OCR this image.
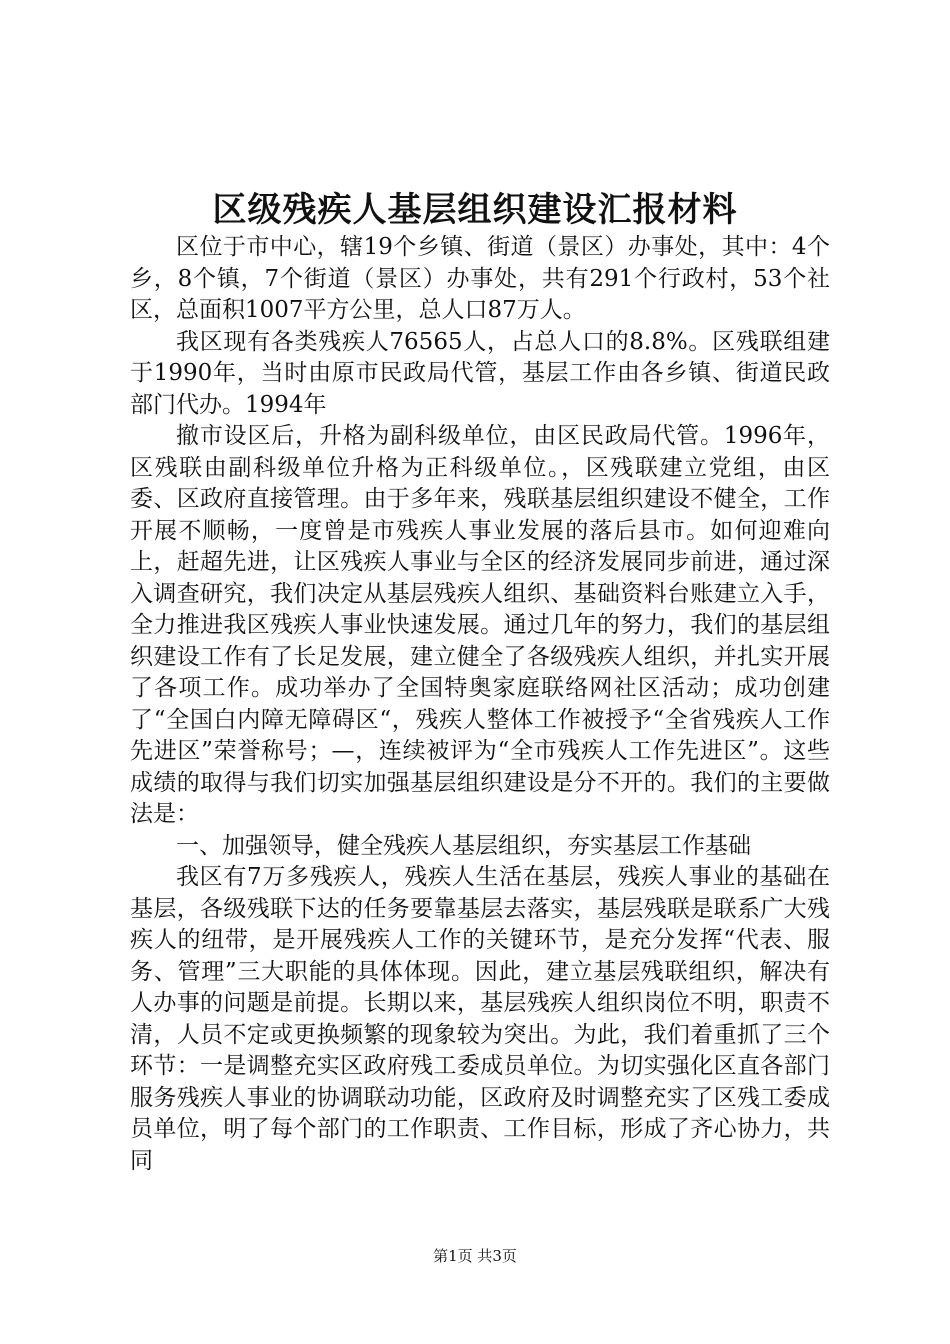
区级残疾人基层组织建设汇报材料

区位于市中心，辖19个乡镇、街道（景区）办事处，其中：4个乡，8个镇，7个街道（景区）办事处，共有291个行政村，53个社区，总面积1007平方公里，总人口87万人。

我区现有各类残疾人76565人，占总人口的8.8%。区残联组建于1990年，当时由原市民政局代管，基层工作由各乡镇、街道民政部门代办。1994年

撤市设区后，升格为副科级单位，由区民政局代管。1996年，区残联由副科级单位升格为正科级单位。，区残联建立党组，由区委、区政府直接管理。由于多年来，残联基层组织建设不健全，工作开展不顺畅，一度曾是市残疾人事业发展的落后县市。如何迎难向上，赶超先进，让区残疾人事业与全区的经济发展同步前进，通过深入调查研究，我们决定从基层残疾人组织、基础资料台账建立入手，全力推进我区残疾人事业快速发展。通过几年的努力，我们的基层组织建设工作有了长足发展，建立健全了各级残疾人组织，并扎实开展了各项工作。成功举办了全国特奥家庭联络网社区活动；成功创建了“全国白内障无障碍区“，残疾人整体工作被授予“全省残疾人工作先进区”荣誉称号；—，连续被评为“全市残疾人工作先进区”。这些成绩的取得与我们切实加强基层组织建设是分不开的。我们的主要做法是：

一、加强领导，健全残疾人基层组织，夯实基层工作基础

我区有7万多残疾人，残疾人生活在基层，残疾人事业的基础在基层，各级残联下达的任务要靠基层去落实，基层残联是联系广大残疾人的纽带，是开展残疾人工作的关键环节，是充分发挥“代表、服务、管理”三大职能的具体体现。因此，建立基层残联组织，解决有人办事的问题是前提。长期以来，基层残疾人组织岗位不明，职责不清，人员不定或更换频繁的现象较为突出。为此，我们着重抓了三个环节：一是调整充实区政府残工委成员单位。为切实强化区直各部门服务残疾人事业的协调联动功能，区政府及时调整充实了区残工委成员单位，明了每个部门的工作职责、工作目标，形成了齐心协力，共同

第1页 共3页
